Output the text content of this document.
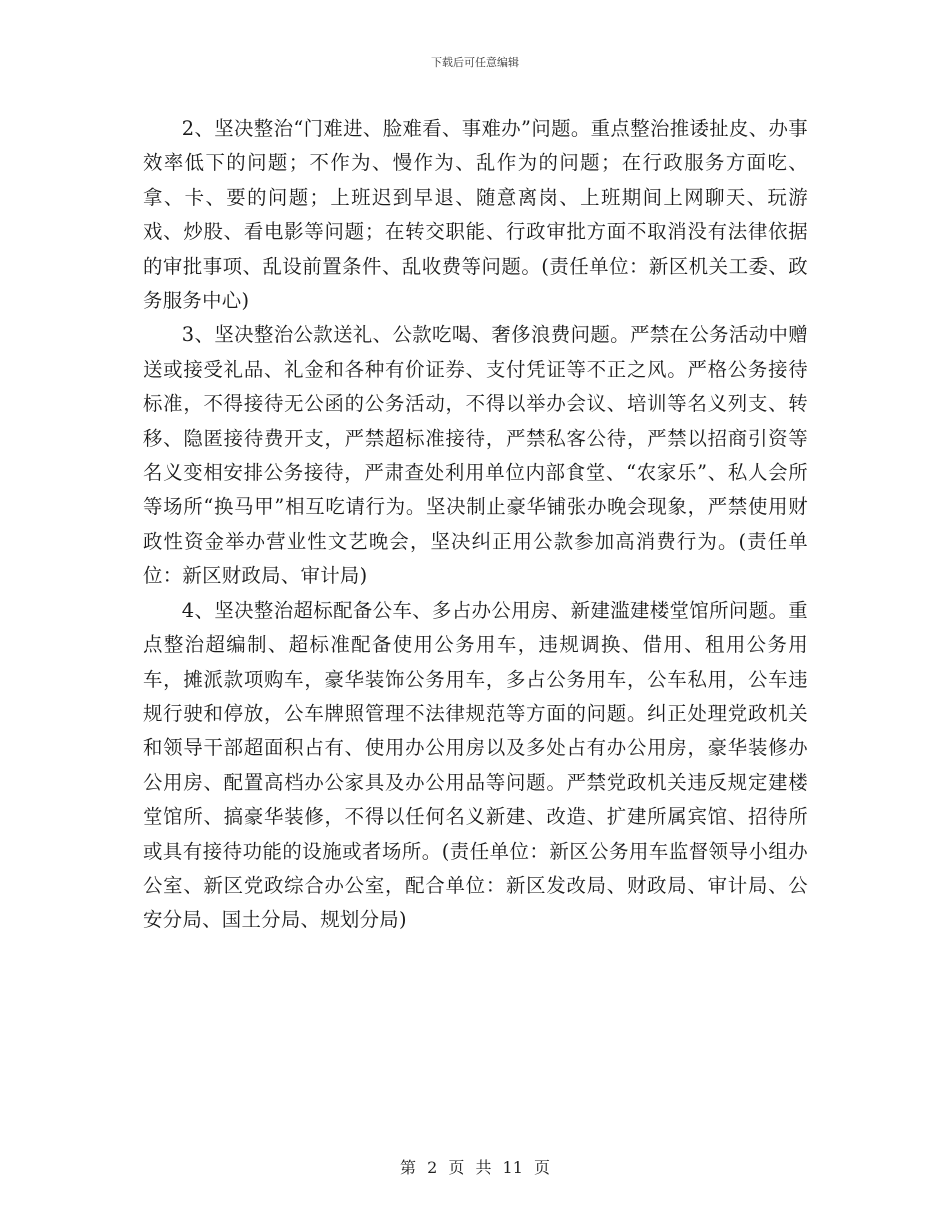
下载后可任意编辑

2、坚决整治“门难进、脸难看、事难办”问题。重点整治推诿扯皮、办事效率低下的问题；不作为、慢作为、乱作为的问题；在行政服务方面吃、拿、卡、要的问题；上班迟到早退、随意离岗、上班期间上网聊天、玩游戏、炒股、看电影等问题；在转交职能、行政审批方面不取消没有法律依据的审批事项、乱设前置条件、乱收费等问题。(责任单位：新区机关工委、政务服务中心)

3、坚决整治公款送礼、公款吃喝、奢侈浪费问题。严禁在公务活动中赠送或接受礼品、礼金和各种有价证券、支付凭证等不正之风。严格公务接待标准，不得接待无公函的公务活动，不得以举办会议、培训等名义列支、转移、隐匿接待费开支，严禁超标准接待，严禁私客公待，严禁以招商引资等名义变相安排公务接待，严肃查处利用单位内部食堂、“农家乐”、私人会所等场所“换马甲”相互吃请行为。坚决制止豪华铺张办晚会现象，严禁使用财政性资金举办营业性文艺晚会，坚决纠正用公款参加高消费行为。(责任单位：新区财政局、审计局)

4、坚决整治超标配备公车、多占办公用房、新建滥建楼堂馆所问题。重点整治超编制、超标准配备使用公务用车，违规调换、借用、租用公务用车，摊派款项购车，豪华装饰公务用车，多占公务用车，公车私用，公车违规行驶和停放，公车牌照管理不法律规范等方面的问题。纠正处理党政机关和领导干部超面积占有、使用办公用房以及多处占有办公用房，豪华装修办公用房、配置高档办公家具及办公用品等问题。严禁党政机关违反规定建楼堂馆所、搞豪华装修，不得以任何名义新建、改造、扩建所属宾馆、招待所或具有接待功能的设施或者场所。(责任单位：新区公务用车监督领导小组办公室、新区党政综合办公室，配合单位：新区发改局、财政局、审计局、公安分局、国土分局、规划分局)

第 2 页 共 11 页
